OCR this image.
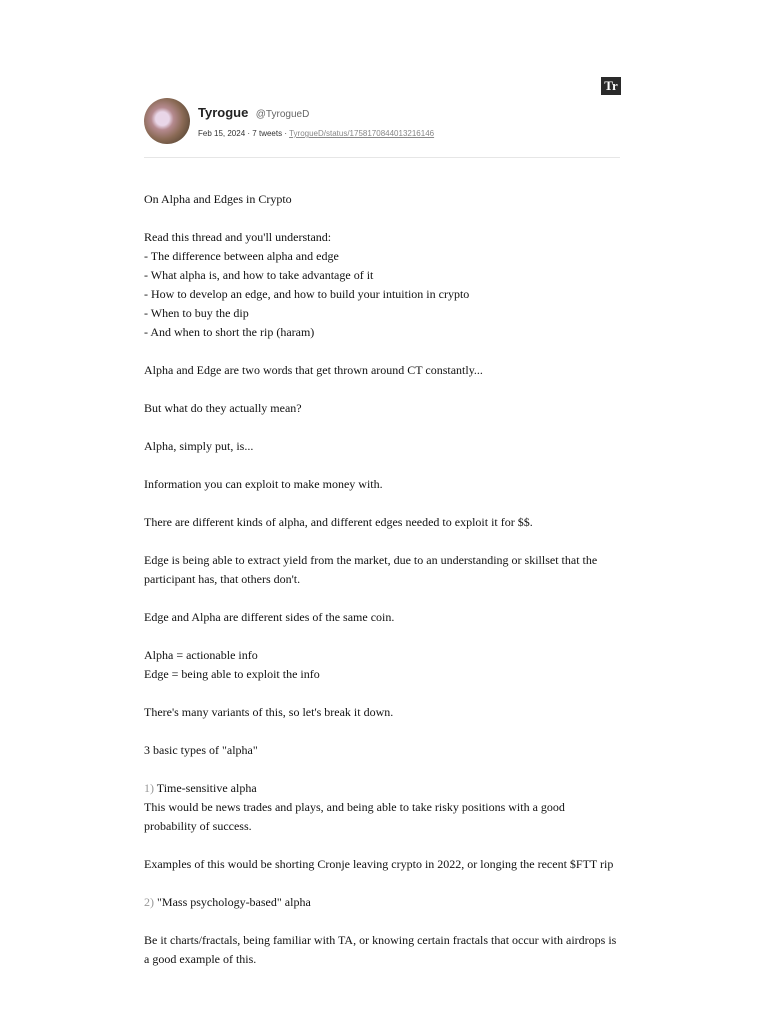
Tr
Tyrogue @TyrogueD
Feb 15, 2024 · 7 tweets · TyrogueD/status/1758170844013216146

On Alpha and Edges in Crypto

Read this thread and you'll understand:
- The difference between alpha and edge
- What alpha is, and how to take advantage of it
- How to develop an edge, and how to build your intuition in crypto
- When to buy the dip
- And when to short the rip (haram)

Alpha and Edge are two words that get thrown around CT constantly...

But what do they actually mean?

Alpha, simply put, is...

Information you can exploit to make money with.

There are different kinds of alpha, and different edges needed to exploit it for $$.

Edge is being able to extract yield from the market, due to an understanding or skillset that the participant has, that others don't.

Edge and Alpha are different sides of the same coin.

Alpha = actionable info
Edge = being able to exploit the info

There's many variants of this, so let's break it down.

3 basic types of "alpha"

1) Time-sensitive alpha
This would be news trades and plays, and being able to take risky positions with a good probability of success.

Examples of this would be shorting Cronje leaving crypto in 2022, or longing the recent $FTT rip

2) "Mass psychology-based" alpha

Be it charts/fractals, being familiar with TA, or knowing certain fractals that occur with airdrops is a good example of this.
